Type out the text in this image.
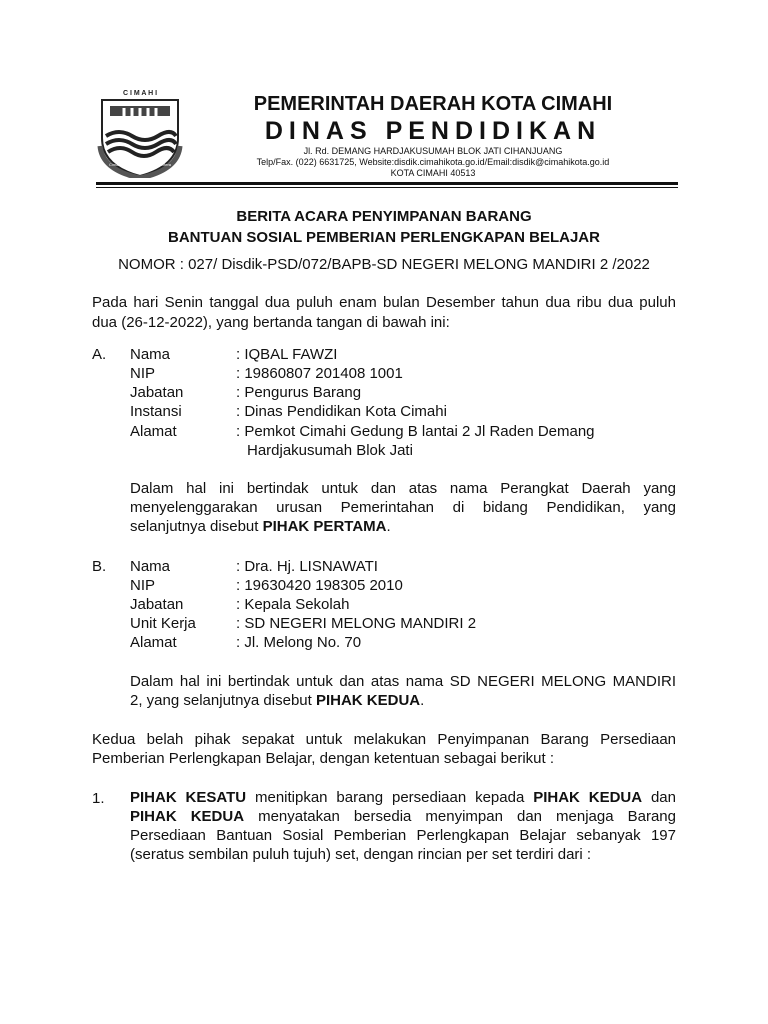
C I M A H I
Cimahi Berkembang Adil Sejahtera
PEMERINTAH DAERAH KOTA CIMAHI
DINAS PENDIDIKAN
Jl. Rd. DEMANG HARDJAKUSUMAH BLOK JATI CIHANJUANG
Telp/Fax. (022) 6631725, Website:disdik.cimahikota.go.id/Email:disdik@cimahikota.go.id
KOTA CIMAHI 40513
BERITA ACARA PENYIMPANAN BARANG
BANTUAN SOSIAL PEMBERIAN PERLENGKAPAN BELAJAR
NOMOR : 027/ Disdik-PSD/072/BAPB-SD NEGERI MELONG MANDIRI 2 /2022
Pada hari Senin tanggal dua puluh enam bulan Desember tahun dua ribu dua puluh
dua (26-12-2022), yang bertanda tangan di bawah ini:
A. Nama	: IQBAL FAWZI
NIP	: 19860807 201408 1001
Jabatan	: Pengurus Barang
Instansi	: Dinas Pendidikan Kota Cimahi
Alamat	: Pemkot Cimahi Gedung B lantai 2 Jl Raden Demang
Hardjakusumah Blok Jati
Dalam hal ini bertindak untuk dan atas nama Perangkat Daerah yang
menyelenggarakan urusan Pemerintahan di bidang Pendidikan, yang
selanjutnya disebut PIHAK PERTAMA.
B. Nama	: Dra. Hj. LISNAWATI
NIP	: 19630420 198305 2010
Jabatan	: Kepala Sekolah
Unit Kerja	: SD NEGERI MELONG MANDIRI 2
Alamat	: Jl. Melong No. 70
Dalam hal ini bertindak untuk dan atas nama SD NEGERI MELONG MANDIRI
2, yang selanjutnya disebut PIHAK KEDUA.
Kedua belah pihak sepakat untuk melakukan Penyimpanan Barang Persediaan
Pemberian Perlengkapan Belajar, dengan ketentuan sebagai berikut :
1. PIHAK KESATU menitipkan barang persediaan kepada PIHAK KEDUA dan
PIHAK KEDUA menyatakan bersedia menyimpan dan menjaga Barang
Persediaan Bantuan Sosial Pemberian Perlengkapan Belajar sebanyak 197
(seratus sembilan puluh tujuh) set, dengan rincian per set terdiri dari :
